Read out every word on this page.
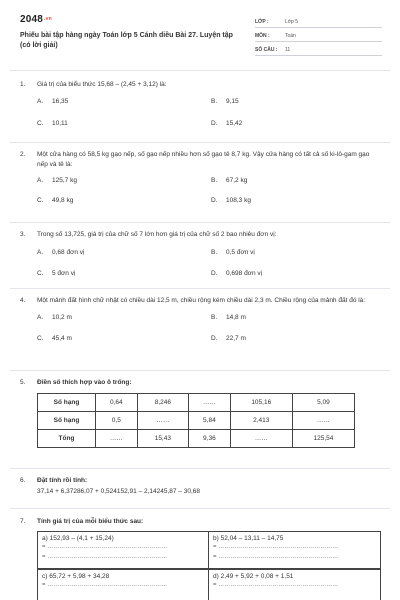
2048.vn
Phiếu bài tập hàng ngày Toán lớp 5 Cánh diều Bài 27. Luyện tập (có lời giải)
LỚP :	Lớp 5
MÔN :	Toán
SỐ CÂU :	11
1.	Giá trị của biểu thức 15,68 – (2,45 + 3,12) là:
A.	16,35	B.	9,15
C.	10,11	D.	15,42
2.	Một cửa hàng có 58,5 kg gạo nếp, số gạo nếp nhiều hơn số gạo tẻ 8,7 kg. Vậy cửa hàng có tất cả số ki-lô-gam gạo nếp và tẻ là:
A.	125,7 kg	B.	67,2 kg
C.	49,8 kg	D.	108,3 kg
3.	Trong số 13,725, giá trị của chữ số 7 lớn hơn giá trị của chữ số 2 bao nhiêu đơn vị:
A.	0,68 đơn vị	B.	0,5 đơn vị
C.	5 đơn vị	D.	0,698 đơn vị
4.	Một mảnh đất hình chữ nhật có chiều dài 12,5 m, chiều rộng kém chiều dài 2,3 m. Chiều rộng của mảnh đất đó là:
A.	10,2 m	B.	14,8 m
C.	45,4 m	D.	22,7 m
5.	Điền số thích hợp vào ô trống:
Số hạng	0,64	8,246	……	105,16	5,09
Số hạng	0,5	……	5,84	2,413	……
Tổng	……	15,43	9,36	……	125,54
6.	Đặt tính rồi tính:
37,14 + 6,37286,07 + 0,524152,91 – 2,14245,87 – 30,68
7.	Tính giá trị của mỗi biểu thức sau:
a) 152,93 – (4,1 + 15,24)
= ……………………………………………………
= ……………………………………………………
b) 52,04 – 13,11 – 14,75
= ……………………………………………………
= ……………………………………………………
c) 65,72 + 5,98 + 34,28
= ……………………………………………………
d) 2,49 + 5,92 + 0,08 + 1,51
= ……………………………………………………
